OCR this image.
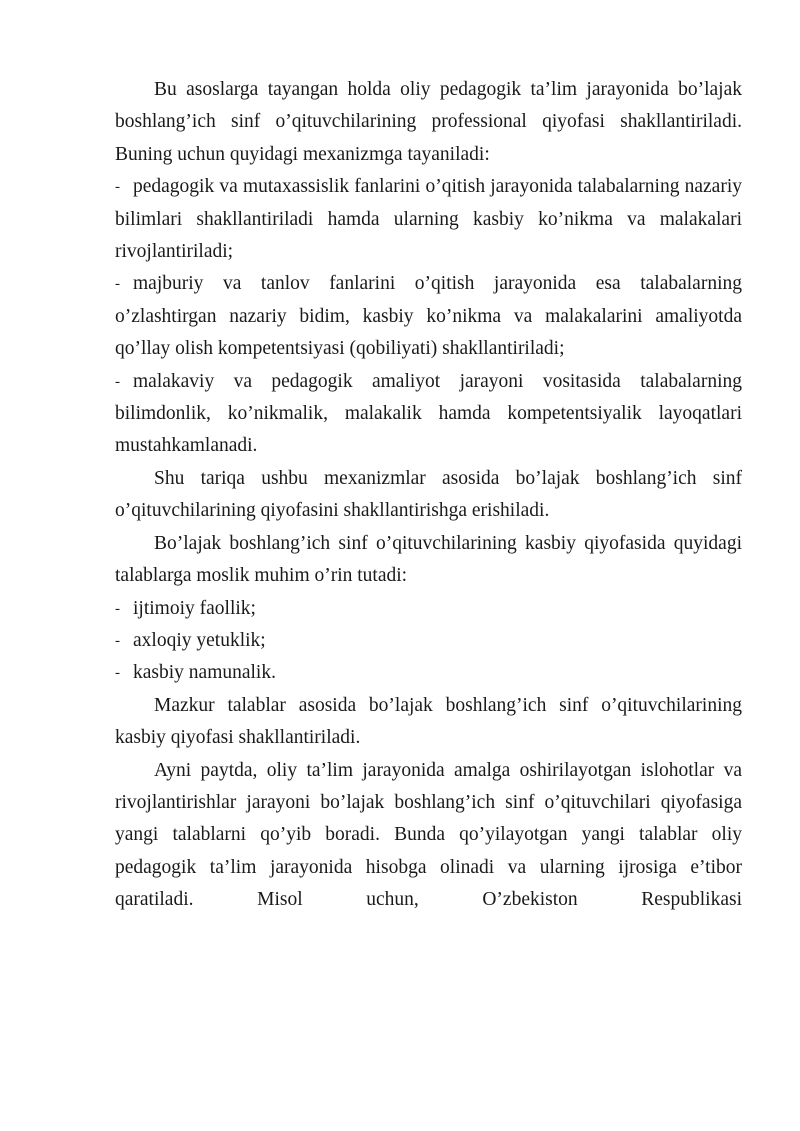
Bu asoslarga tayangan holda oliy pedagogik ta’lim jarayonida bo’lajak boshlang’ich sinf o’qituvchilarining professional qiyofasi shakllantiriladi. Buning uchun quyidagi mexanizmga tayaniladi:

- pedagogik va mutaxassislik fanlarini o’qitish jarayonida talabalarning nazariy bilimlari shakllantiriladi hamda ularning kasbiy ko’nikma va malakalari rivojlantiriladi;

- majburiy va tanlov fanlarini o’qitish jarayonida esa talabalarning o’zlashtirgan nazariy bidim, kasbiy ko’nikma va malakalarini amaliyotda qo’llay olish kompetentsiyasi (qobiliyati) shakllantiriladi;

- malakaviy va pedagogik amaliyot jarayoni vositasida talabalarning bilimdonlik, ko’nikmalik, malakalik hamda kompetentsiyalik layoqatlari mustahkamlanadi.

Shu tariqa ushbu mexanizmlar asosida bo’lajak boshlang’ich sinf o’qituvchilarining qiyofasini shakllantirishga erishiladi.

Bo’lajak boshlang’ich sinf o’qituvchilarining kasbiy qiyofasida quyidagi talablarga moslik muhim o’rin tutadi:

- ijtimoiy faollik;

- axloqiy yetuklik;

- kasbiy namunalik.

Mazkur talablar asosida bo’lajak boshlang’ich sinf o’qituvchilarining kasbiy qiyofasi shakllantiriladi.

Ayni paytda, oliy ta’lim jarayonida amalga oshirilayotgan islohotlar va rivojlantirishlar jarayoni bo’lajak boshlang’ich sinf o’qituvchilari qiyofasiga yangi talablarni qo’yib boradi. Bunda qo’yilayotgan yangi talablar oliy pedagogik ta’lim jarayonida hisobga olinadi va ularning ijrosiga e’tibor qaratiladi. Misol uchun, O’zbekiston Respublikasi
